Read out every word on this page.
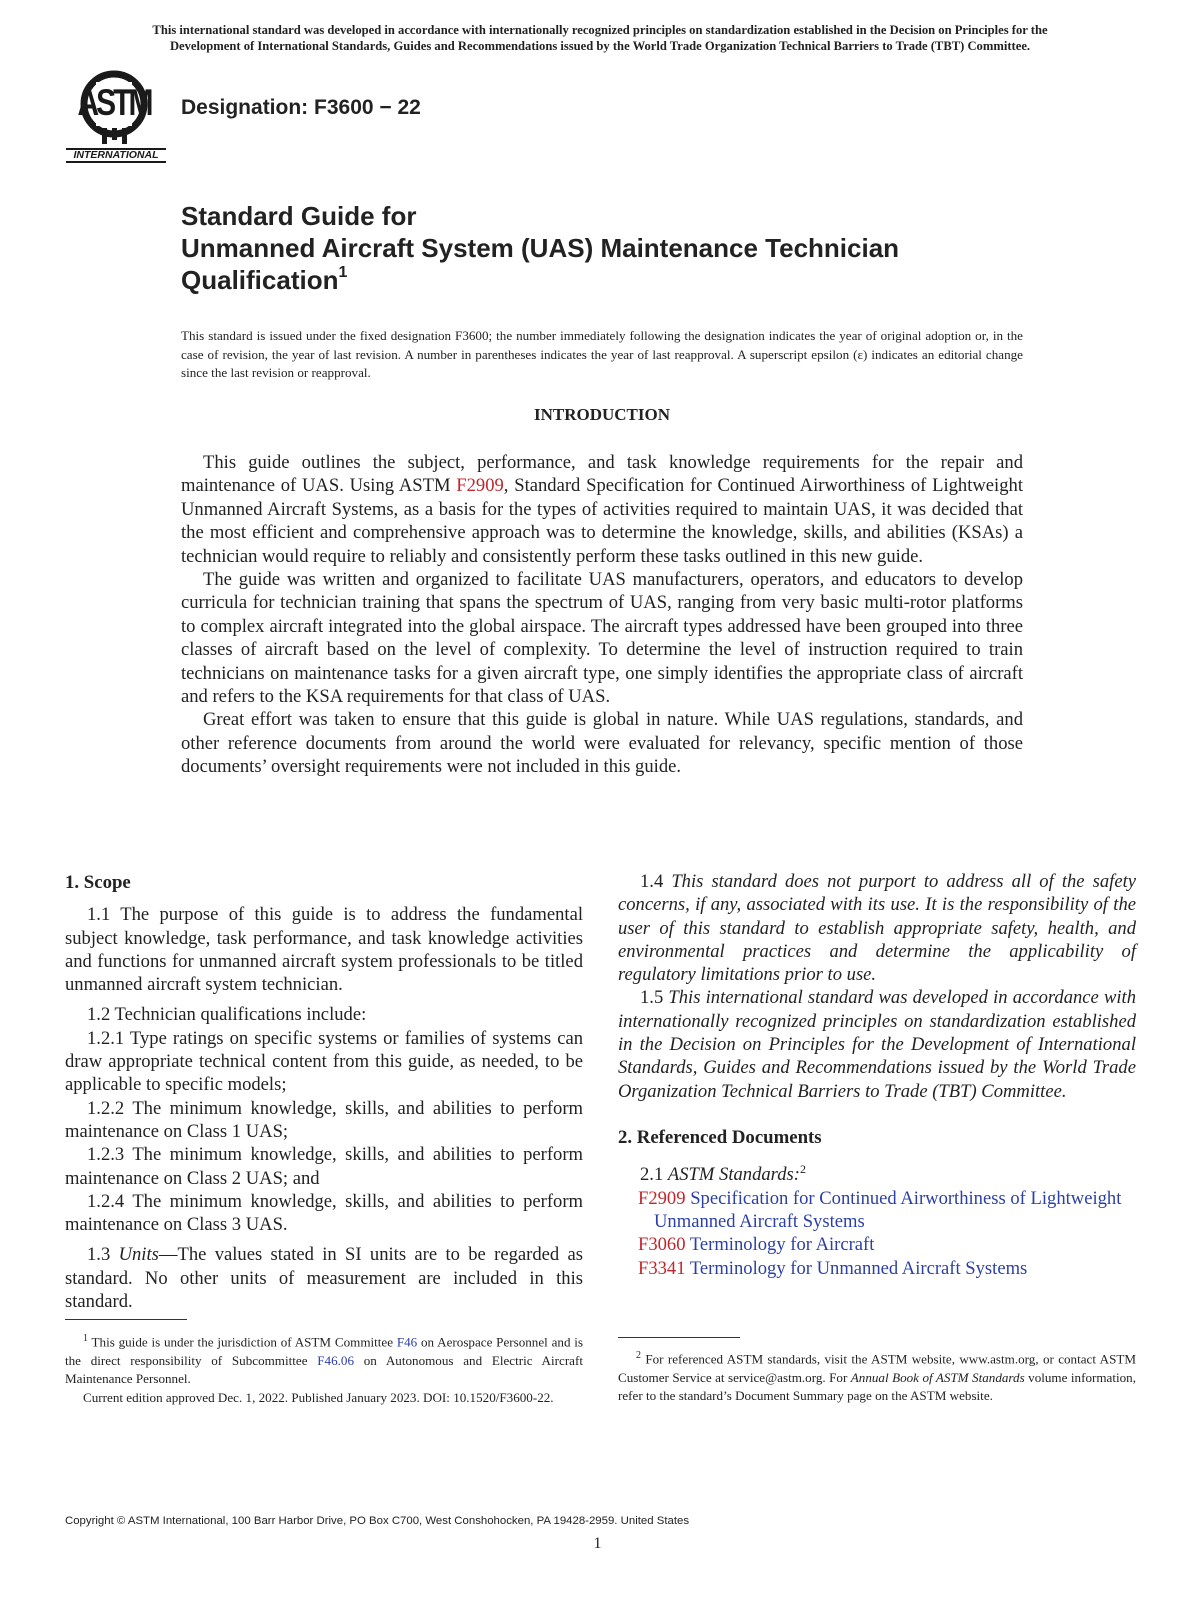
This international standard was developed in accordance with internationally recognized principles on standardization established in the Decision on Principles for the
Development of International Standards, Guides and Recommendations issued by the World Trade Organization Technical Barriers to Trade (TBT) Committee.
ASTM
INTERNATIONAL
Designation: F3600 − 22
Standard Guide for
Unmanned Aircraft System (UAS) Maintenance Technician
Qualification$^1$
This standard is issued under the fixed designation F3600; the number immediately following the designation indicates the year of original adoption or, in the case of revision, the year of last revision. A number in parentheses indicates the year of last reapproval. A superscript epsilon (ε) indicates an editorial change since the last revision or reapproval.
INTRODUCTION

This guide outlines the subject, performance, and task knowledge requirements for the repair and maintenance of UAS. Using ASTM F2909, Standard Specification for Continued Airworthiness of Lightweight Unmanned Aircraft Systems, as a basis for the types of activities required to maintain UAS, it was decided that the most efficient and comprehensive approach was to determine the knowledge, skills, and abilities (KSAs) a technician would require to reliably and consistently perform these tasks outlined in this new guide.

The guide was written and organized to facilitate UAS manufacturers, operators, and educators to develop curricula for technician training that spans the spectrum of UAS, ranging from very basic multi-rotor platforms to complex aircraft integrated into the global airspace. The aircraft types addressed have been grouped into three classes of aircraft based on the level of complexity. To determine the level of instruction required to train technicians on maintenance tasks for a given aircraft type, one simply identifies the appropriate class of aircraft and refers to the KSA requirements for that class of UAS.

Great effort was taken to ensure that this guide is global in nature. While UAS regulations, standards, and other reference documents from around the world were evaluated for relevancy, specific mention of those documents’ oversight requirements were not included in this guide.

1. Scope

1.1 The purpose of this guide is to address the fundamental subject knowledge, task performance, and task knowledge activities and functions for unmanned aircraft system professionals to be titled unmanned aircraft system technician.

1.2 Technician qualifications include:

1.2.1 Type ratings on specific systems or families of systems can draw appropriate technical content from this guide, as needed, to be applicable to specific models;

1.2.2 The minimum knowledge, skills, and abilities to perform maintenance on Class 1 UAS;

1.2.3 The minimum knowledge, skills, and abilities to perform maintenance on Class 2 UAS; and

1.2.4 The minimum knowledge, skills, and abilities to perform maintenance on Class 3 UAS.

1.3 Units—The values stated in SI units are to be regarded as standard. No other units of measurement are included in this standard.

1.4 This standard does not purport to address all of the safety concerns, if any, associated with its use. It is the responsibility of the user of this standard to establish appropriate safety, health, and environmental practices and determine the applicability of regulatory limitations prior to use.

1.5 This international standard was developed in accordance with internationally recognized principles on standardization established in the Decision on Principles for the Development of International Standards, Guides and Recommendations issued by the World Trade Organization Technical Barriers to Trade (TBT) Committee.

2. Referenced Documents

2.1 ASTM Standards:$^2$

F2909 Specification for Continued Airworthiness of Lightweight Unmanned Aircraft Systems

F3060 Terminology for Aircraft

F3341 Terminology for Unmanned Aircraft Systems

$^1$ This guide is under the jurisdiction of ASTM Committee F46 on Aerospace Personnel and is the direct responsibility of Subcommittee F46.06 on Autonomous and Electric Aircraft Maintenance Personnel.

Current edition approved Dec. 1, 2022. Published January 2023. DOI: 10.1520/F3600-22.

$^2$ For referenced ASTM standards, visit the ASTM website, www.astm.org, or contact ASTM Customer Service at service@astm.org. For Annual Book of ASTM Standards volume information, refer to the standard’s Document Summary page on the ASTM website.

Copyright © ASTM International, 100 Barr Harbor Drive, PO Box C700, West Conshohocken, PA 19428-2959. United States
1
